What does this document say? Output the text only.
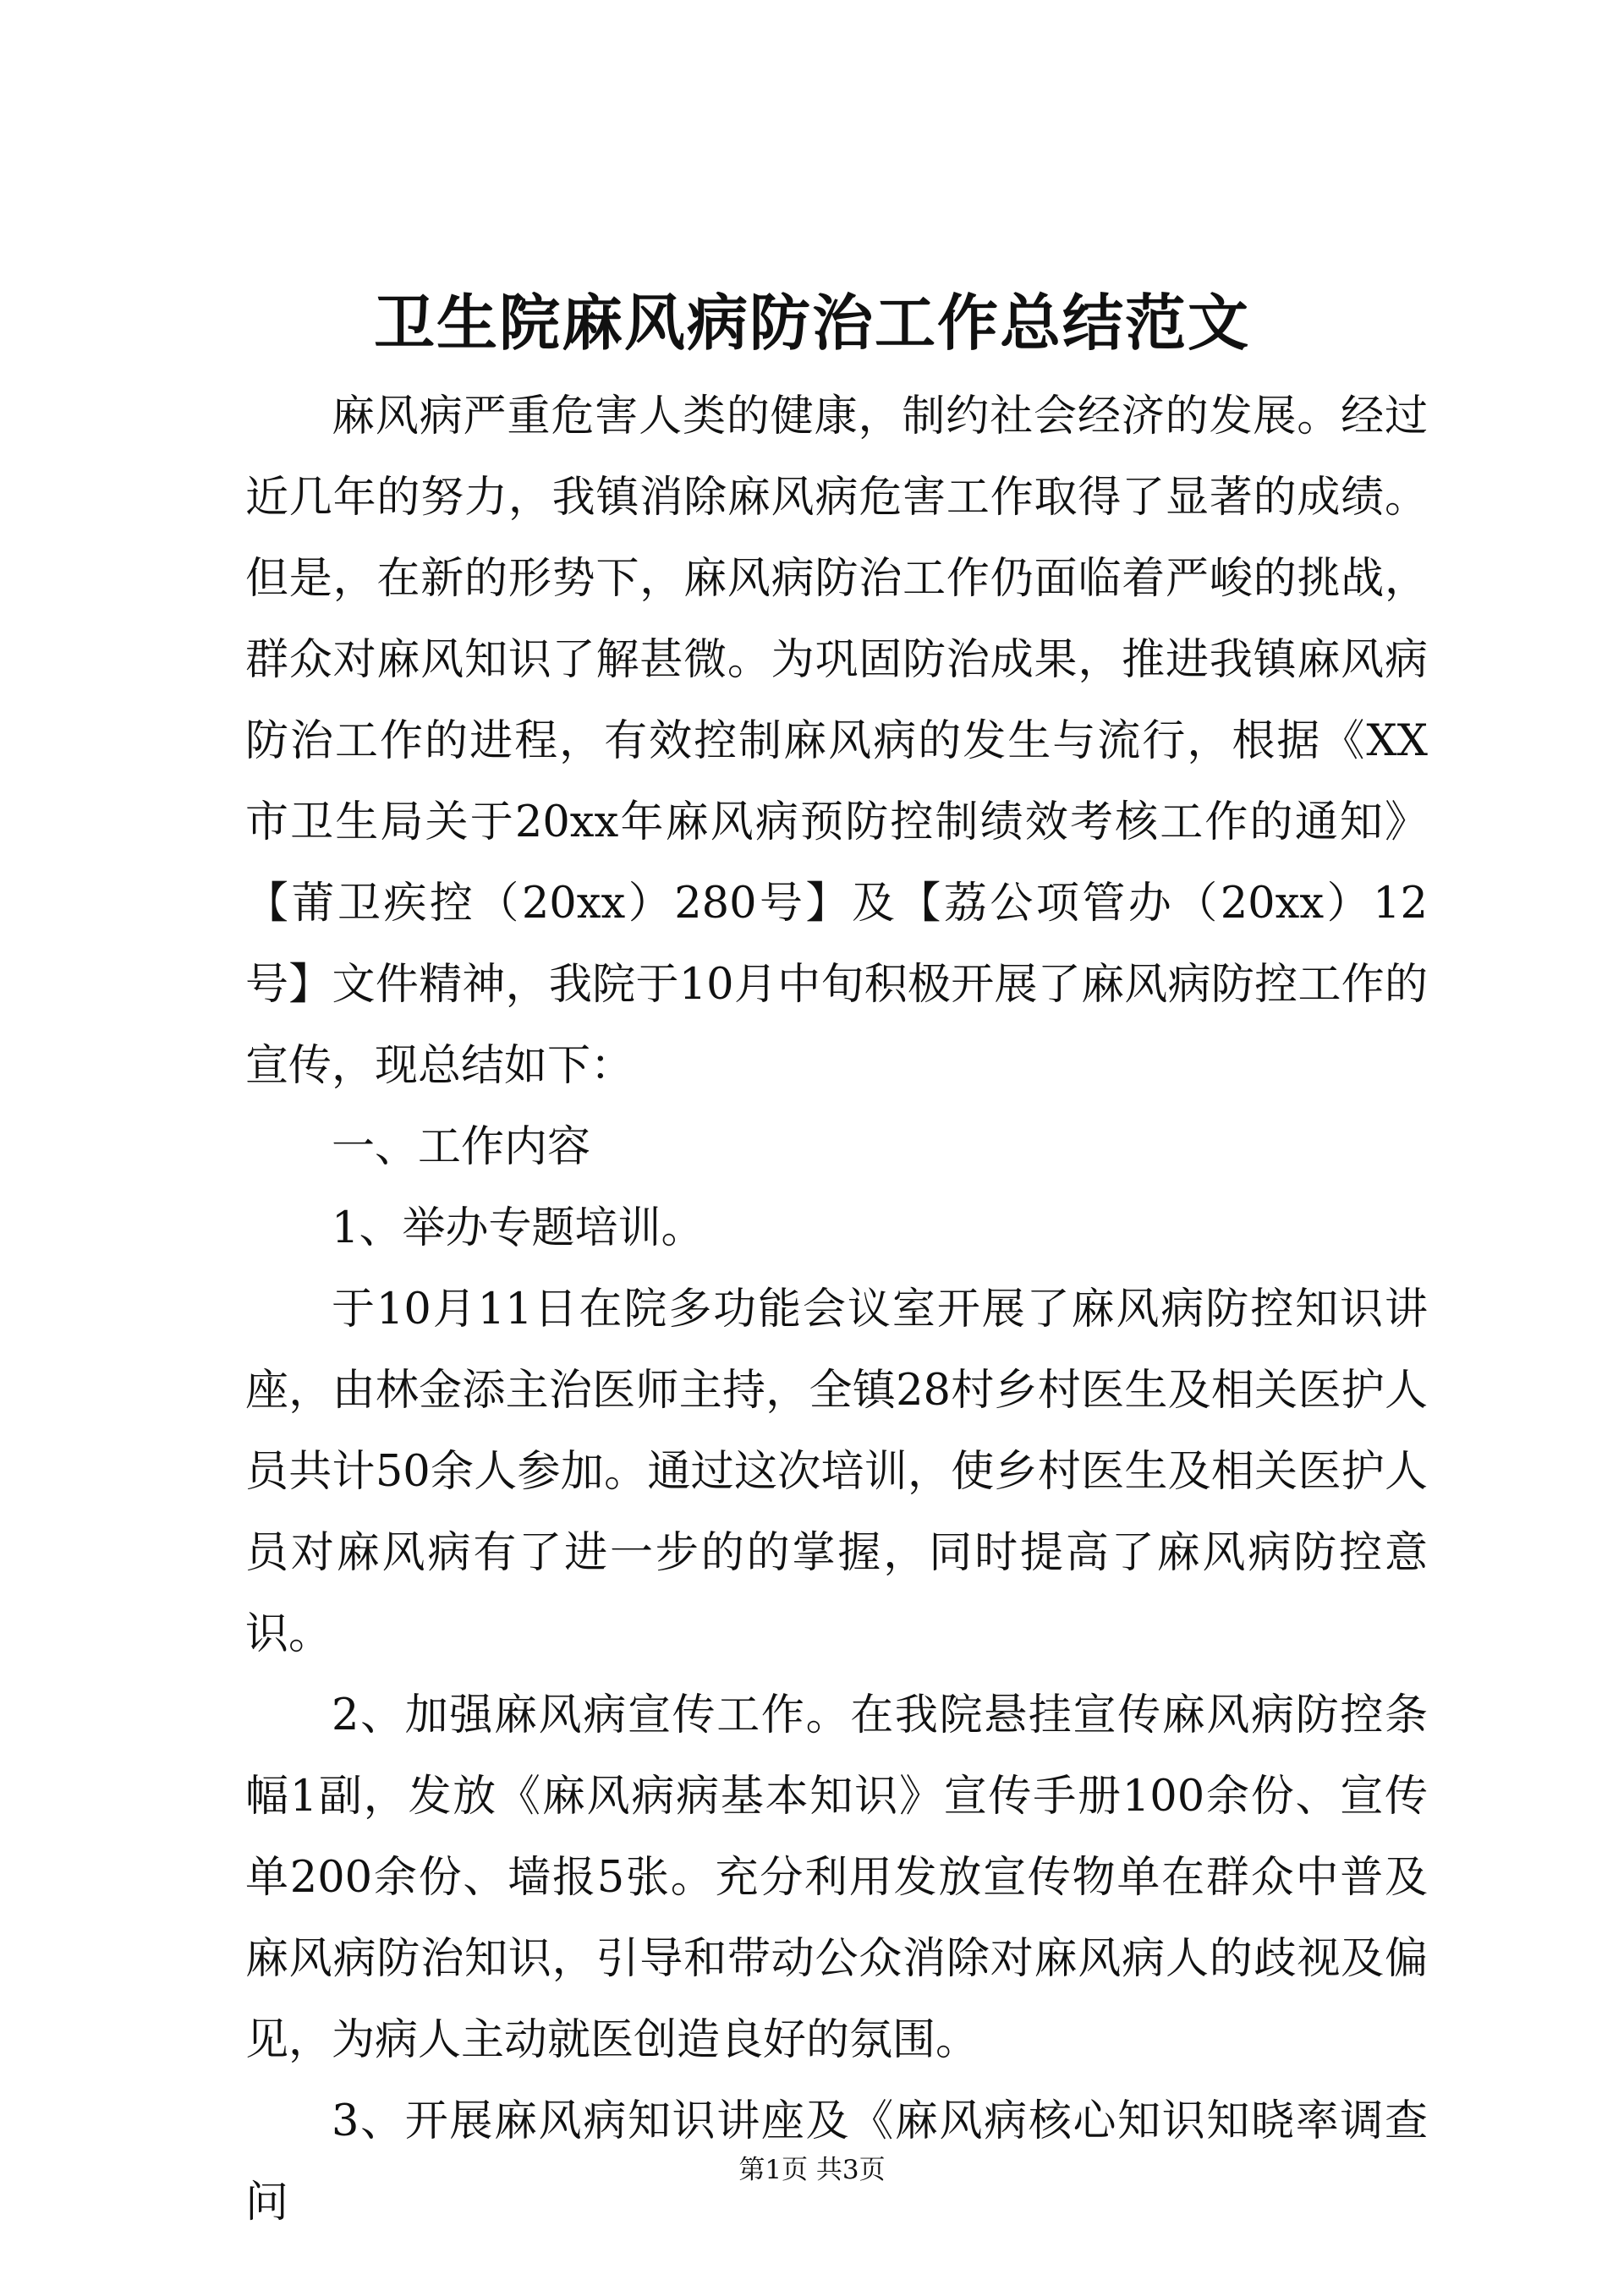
卫生院麻风病防治工作总结范文

麻风病严重危害人类的健康，制约社会经济的发展。经过近几年的努力，我镇消除麻风病危害工作取得了显著的成绩。但是，在新的形势下，麻风病防治工作仍面临着严峻的挑战，群众对麻风知识了解甚微。为巩固防治成果，推进我镇麻风病防治工作的进程，有效控制麻风病的发生与流行，根据《XX市卫生局关于20xx年麻风病预防控制绩效考核工作的通知》【莆卫疾控（20xx）280号】及【荔公项管办（20xx）12号】文件精神，我院于10月中旬积极开展了麻风病防控工作的宣传，现总结如下：

一、工作内容

1、举办专题培训。

于10月11日在院多功能会议室开展了麻风病防控知识讲座，由林金添主治医师主持，全镇28村乡村医生及相关医护人员共计50余人参加。通过这次培训，使乡村医生及相关医护人员对麻风病有了进一步的的掌握，同时提高了麻风病防控意识。

2、加强麻风病宣传工作。在我院悬挂宣传麻风病防控条幅1副，发放《麻风病病基本知识》宣传手册100余份、宣传单200余份、墙报5张。充分利用发放宣传物单在群众中普及麻风病防治知识，引导和带动公众消除对麻风病人的歧视及偏见，为病人主动就医创造良好的氛围。

3、开展麻风病知识讲座及《麻风病核心知识知晓率调查问

第1页 共3页
